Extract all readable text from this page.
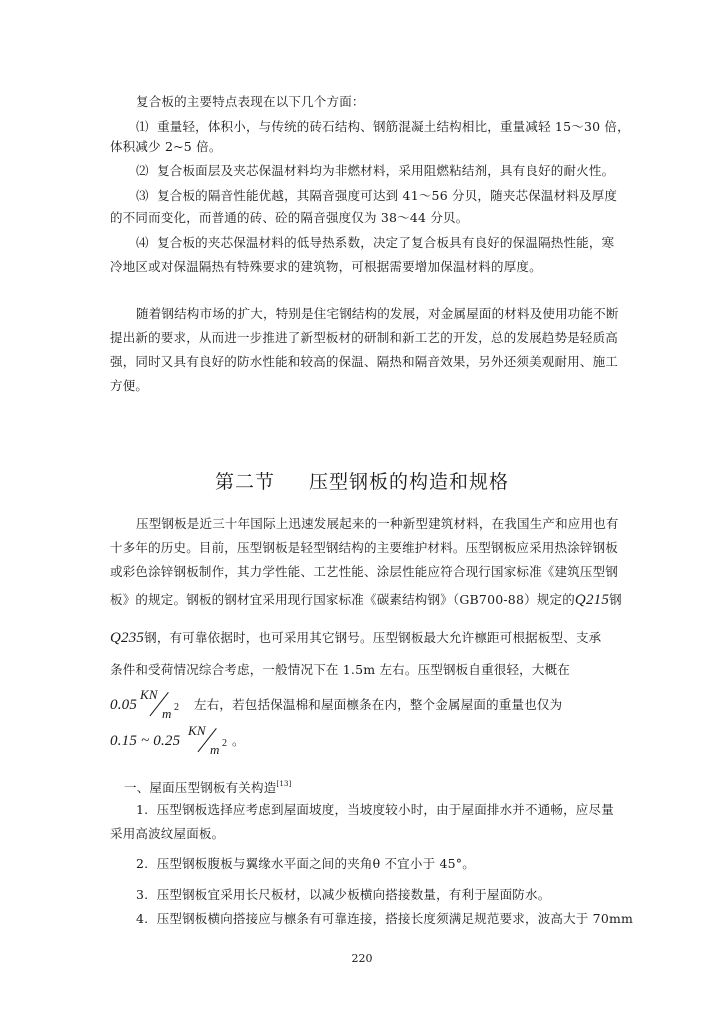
复合板的主要特点表现在以下几个方面：
⑴ 重量轻，体积小，与传统的砖石结构、钢筋混凝土结构相比，重量减轻 15～30 倍，
体积减少 2~5 倍。
⑵ 复合板面层及夹芯保温材料均为非燃材料，采用阻燃粘结剂，具有良好的耐火性。
⑶ 复合板的隔音性能优越，其隔音强度可达到 41～56 分贝，随夹芯保温材料及厚度
的不同而变化，而普通的砖、砼的隔音强度仅为 38～44 分贝。
⑷ 复合板的夹芯保温材料的低导热系数，决定了复合板具有良好的保温隔热性能，寒
冷地区或对保温隔热有特殊要求的建筑物，可根据需要增加保温材料的厚度。
随着钢结构市场的扩大，特别是住宅钢结构的发展，对金属屋面的材料及使用功能不断
提出新的要求，从而进一步推进了新型板材的研制和新工艺的开发，总的发展趋势是轻质高
强，同时又具有良好的防水性能和较高的保温、隔热和隔音效果，另外还须美观耐用、施工
方便。
第二节 压型钢板的构造和规格
压型钢板是近三十年国际上迅速发展起来的一种新型建筑材料，在我国生产和应用也有
十多年的历史。目前，压型钢板是轻型钢结构的主要维护材料。压型钢板应采用热涂锌钢板
或彩色涂锌钢板制作，其力学性能、工艺性能、涂层性能应符合现行国家标准《建筑压型钢
板》的规定。钢板的钢材宜采用现行国家标准《碳素结构钢》（GB700-88）规定的Q215钢
Q235钢，有可靠依据时，也可采用其它钢号。压型钢板最大允许檩距可根据板型、支承
条件和受荷情况综合考虑，一般情况下在 1.5m 左右。压型钢板自重很轻，大概在
0.05
KN
m 2 左右，若包括保温棉和屋面檩条在内，整个金属屋面的重量也仅为
0.15 ~ 0.25
KN
m 2 。
一、屋面压型钢板有关构造[13]
1. 压型钢板选择应考虑到屋面坡度，当坡度较小时，由于屋面排水并不通畅，应尽量
采用高波纹屋面板。
2. 压型钢板腹板与翼缘水平面之间的夹角θ 不宜小于 45°。
3. 压型钢板宜采用长尺板材，以减少板横向搭接数量，有利于屋面防水。
4. 压型钢板横向搭接应与檩条有可靠连接，搭接长度须满足规范要求，波高大于 70mm
220
